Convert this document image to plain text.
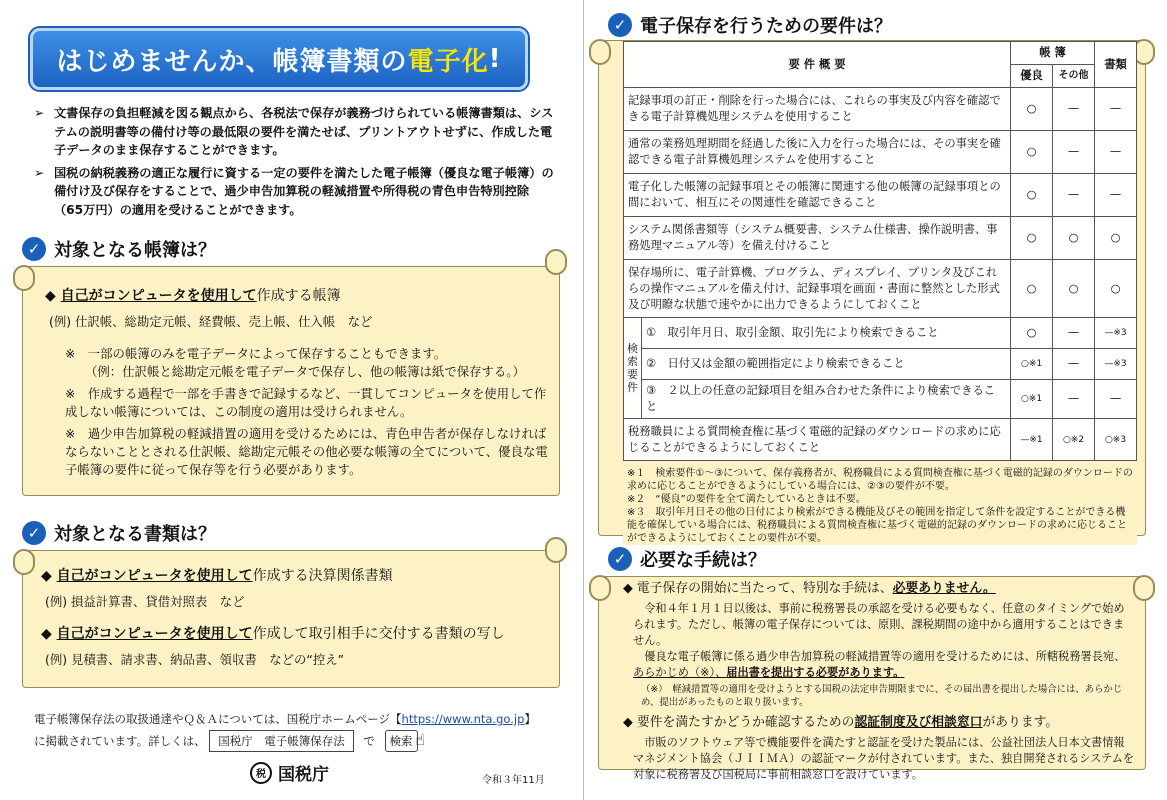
はじめませんか、帳簿書類の 電子化 !
➢ 文書保存の負担軽減を図る観点から、各税法で保存が義務づけられている帳簿書類は、システムの説明書等の備付け等の最低限の要件を満たせば、プリントアウトせずに、作成した電子データのまま保存することができます。
➢ 国税の納税義務の適正な履行に資する一定の要件を満たした電子帳簿（優良な電子帳簿）の備付け及び保存をすることで、過少申告加算税の軽減措置や所得税の青色申告特別控除（65万円）の適用を受けることができます。
✓ 対象となる帳簿は？
◆ 自己がコンピュータを使用して作成する帳簿
(例) 仕訳帳、総勘定元帳、経費帳、売上帳、仕入帳　など
※　一部の帳簿のみを電子データによって保存することもできます。
（例：仕訳帳と総勘定元帳を電子データで保存し、他の帳簿は紙で保存する。）
※　作成する過程で一部を手書きで記録するなど、一貫してコンピュータを使用して作成しない帳簿については、この制度の適用は受けられません。
※　過少申告加算税の軽減措置の適用を受けるためには、青色申告者が保存しなければならないこととされる仕訳帳、総勘定元帳その他必要な帳簿の全てについて、優良な電子帳簿の要件に従って保存等を行う必要があります。
✓ 対象となる書類は？
◆ 自己がコンピュータを使用して作成する決算関係書類
(例) 損益計算書、貸借対照表　など
◆ 自己がコンピュータを使用して作成して取引相手に交付する書類の写し
(例) 見積書、請求書、納品書、領収書　などの“控え”
電子帳簿保存法の取扱通達やＱ＆Ａについては、国税庁ホームページ【https://www.nta.go.jp】
に掲載されています。詳しくは、 国税庁　電子帳簿保存法 で 検索 ☝
税 国税庁	令和３年11月
✓ 電子保存を行うための要件は？
要 件 概 要		帳 簿		書類
		優良	その他	
記録事項の訂正・削除を行った場合には、これらの事実及び内容を確認できる電子計算機処理システムを使用すること		○	—	—
通常の業務処理期間を経過した後に入力を行った場合には、その事実を確認できる電子計算機処理システムを使用すること		○	—	—
電子化した帳簿の記録事項とその帳簿に関連する他の帳簿の記録事項との間において、相互にその関連性を確認できること		○	—	—
システム関係書類等（システム概要書、システム仕様書、操作説明書、事務処理マニュアル等）を備え付けること		○	○	○
保存場所に、電子計算機、プログラム、ディスプレイ、プリンタ及びこれらの操作マニュアルを備え付け、記録事項を画面・書面に整然とした形式及び明瞭な状態で速やかに出力できるようにしておくこと		○	○	○
検索要件	①　 取引年月日、取引金額、取引先により検索できること	○	—	—※3
	②　 日付又は金額の範囲指定により検索できること	○※1	—	—※3
	③　 ２以上の任意の記録項目を組み合わせた条件により検索できること	○※1	—	—
税務職員による質問検査権に基づく電磁的記録のダウンロードの求めに応じることができるようにしておくこと		—※1	○※2	○※3
※１　検索要件①～③について、保存義務者が、税務職員による質問検査権に基づく電磁的記録のダウンロードの求めに応じることができるようにしている場合には、②③の要件が不要。
※２　“優良”の要件を全て満たしているときは不要。
※３　取引年月日その他の日付により検索ができる機能及びその範囲を指定して条件を設定することができる機能を確保している場合には、税務職員による質問検査権に基づく電磁的記録のダウンロードの求めに応じることができるようにしておくことの要件が不要。
✓ 必要な手続は？
◆ 電子保存の開始に当たって、特別な手続は、必要ありません。
令和４年１月１日以後は、事前に税務署長の承認を受ける必要もなく、任意のタイミングで始められます。ただし、帳簿の電子保存については、原則、課税期間の途中から適用することはできません。
優良な電子帳簿に係る過少申告加算税の軽減措置等の適用を受けるためには、所轄税務署長宛、あらかじめ（※）、届出書を提出する必要があります。
（※）　軽減措置等の適用を受けようとする国税の法定申告期限までに、その届出書を提出した場合には、あらかじめ、提出があったものと取り扱います。
◆ 要件を満たすかどうか確認するための認証制度及び相談窓口があります。
市販のソフトウェア等で機能要件を満たすと認証を受けた製品には、公益社団法人日本文書情報マネジメント協会（ＪＩＩＭＡ）の認証マークが付されています。また、独自開発されるシステムを対象に税務署及び国税局に事前相談窓口を設けています。
